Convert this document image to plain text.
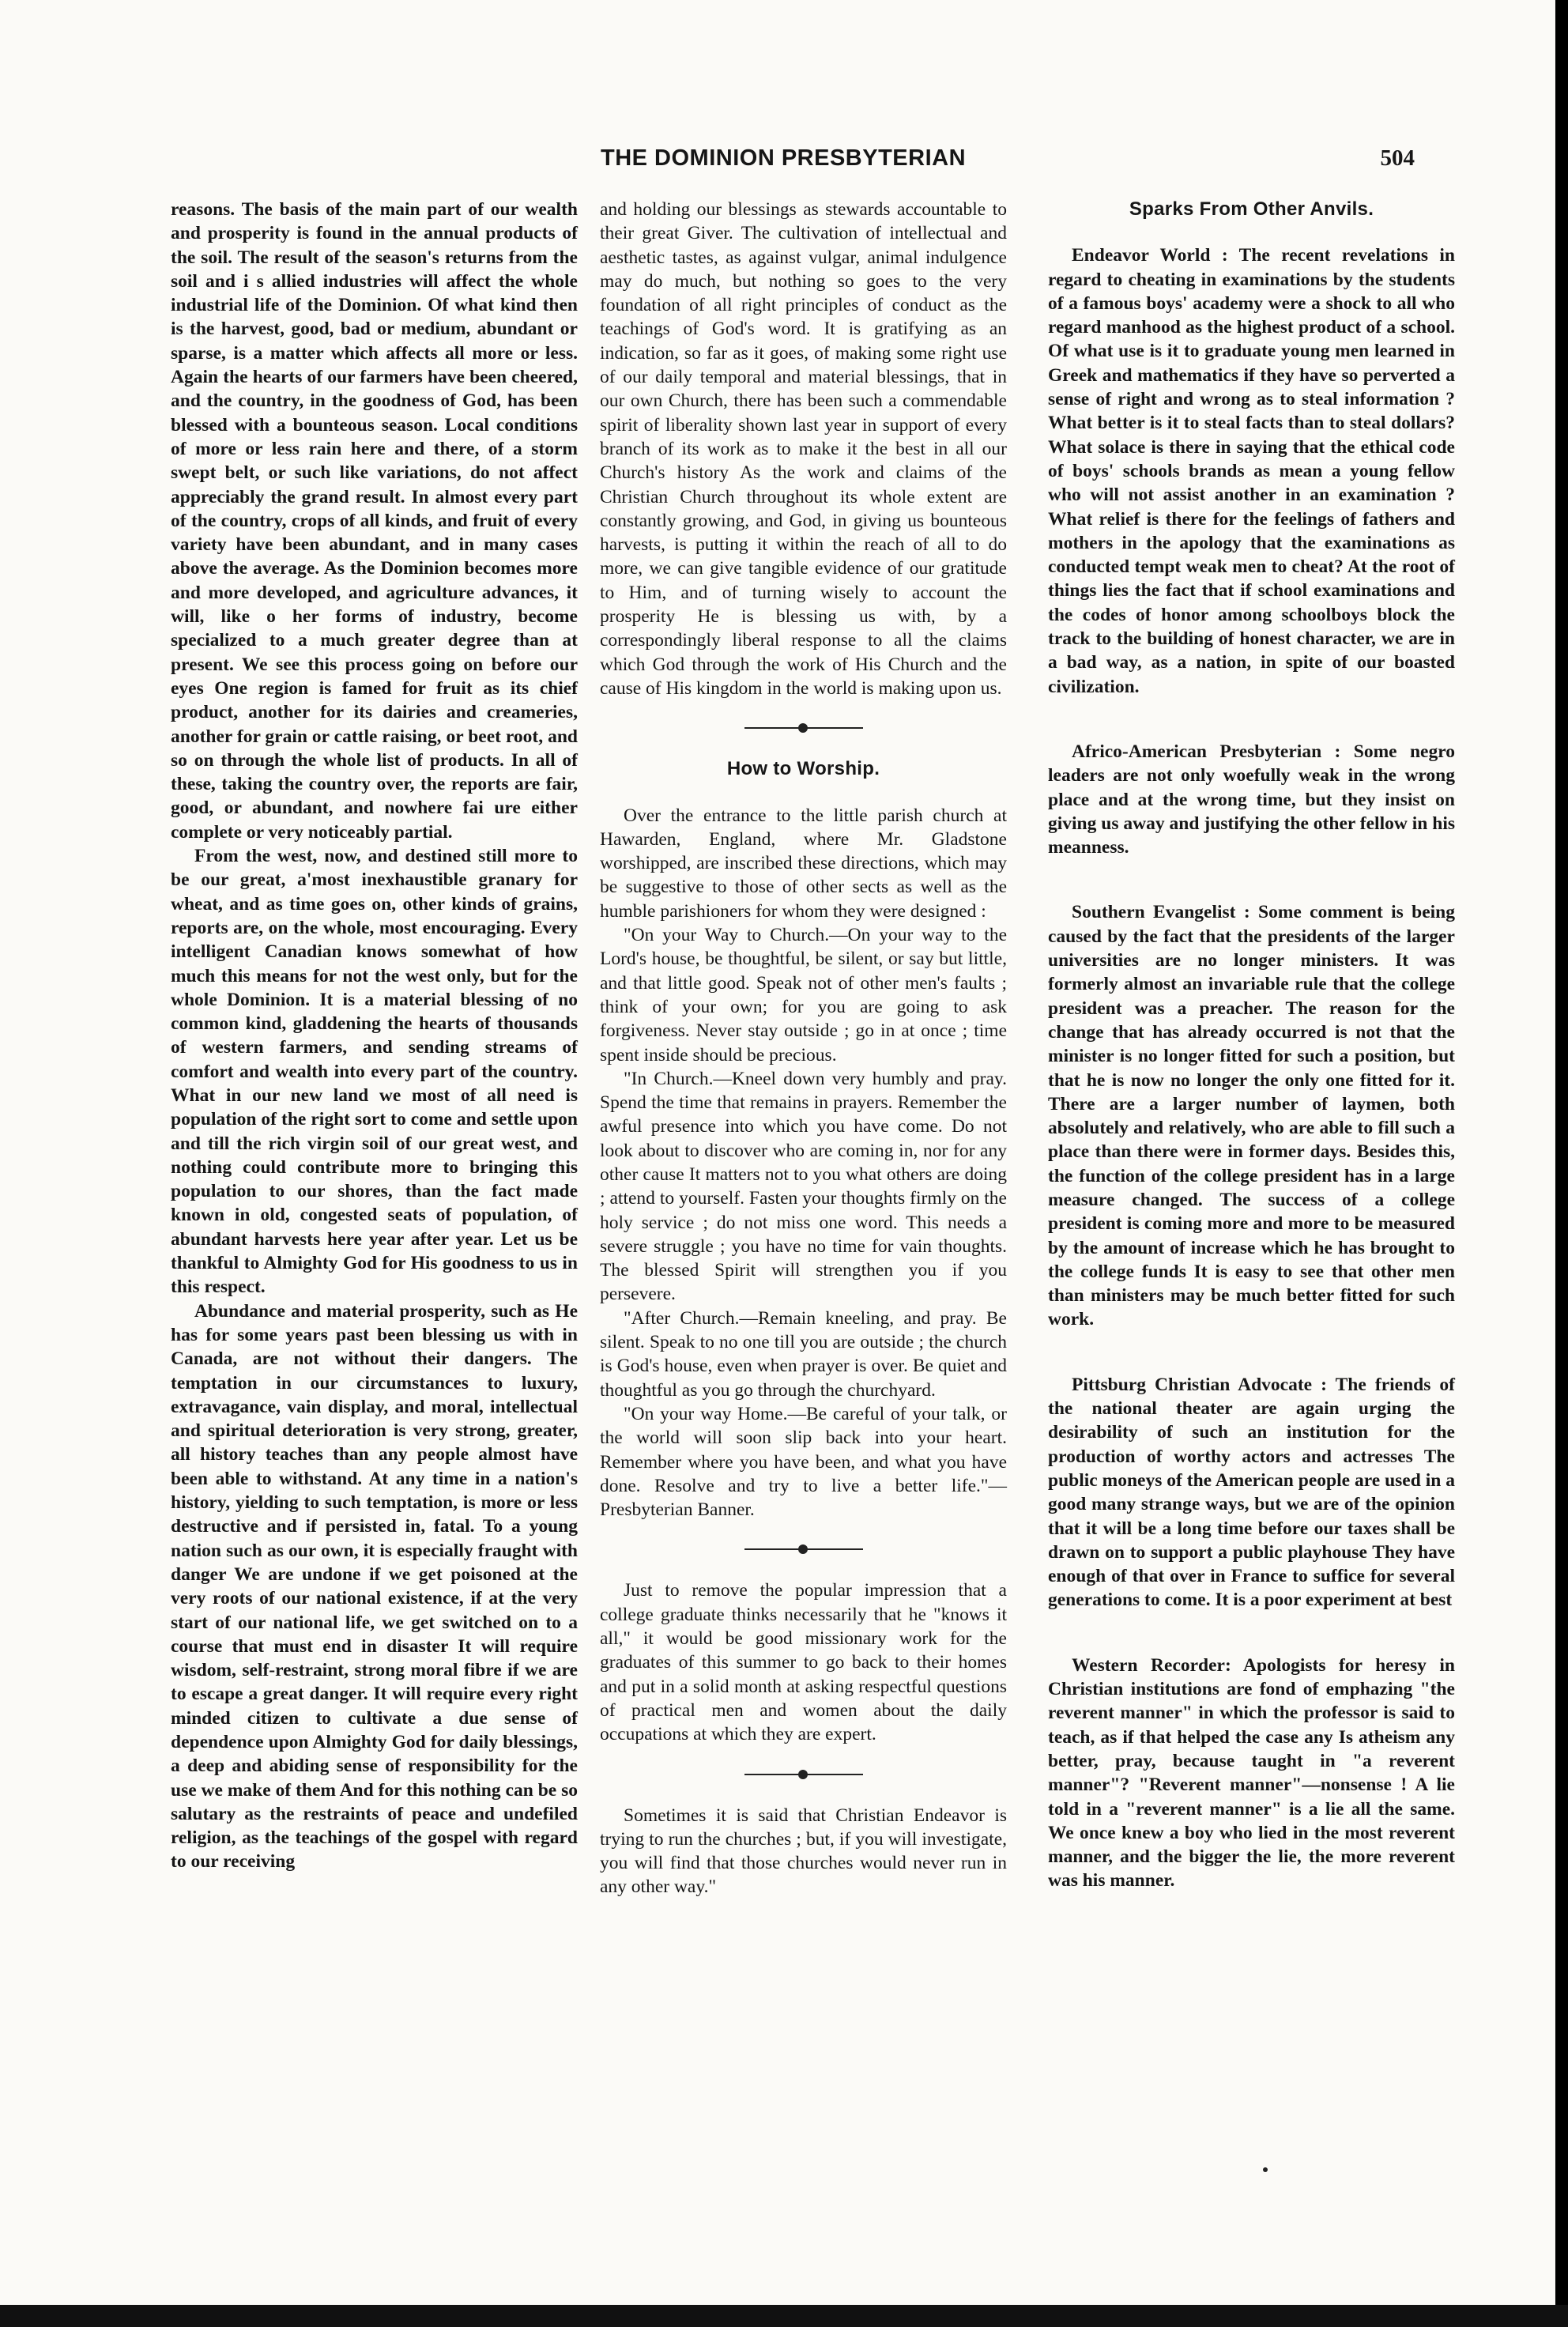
THE DOMINION PRESBYTERIAN	504

reasons. The basis of the main part of our wealth and prosperity is found in the annual products of the soil. The result of the season's returns from the soil and i s allied industries will affect the whole industrial life of the Dominion. Of what kind then is the harvest, good, bad or medium, abundant or sparse, is a matter which affects all more or less. Again the hearts of our farmers have been cheered, and the country, in the goodness of God, has been blessed with a bounteous season. Local conditions of more or less rain here and there, of a storm swept belt, or such like variations, do not affect appreciably the grand result. In almost every part of the country, crops of all kinds, and fruit of every variety have been abundant, and in many cases above the average. As the Dominion becomes more and more developed, and agriculture advances, it will, like o her forms of industry, become specialized to a much greater degree than at present. We see this process going on before our eyes One region is famed for fruit as its chief product, another for its dairies and creameries, another for grain or cattle raising, or beet root, and so on through the whole list of products. In all of these, taking the country over, the reports are fair, good, or abundant, and nowhere fai ure either complete or very noticeably partial.

From the west, now, and destined still more to be our great, a'most inexhaustible granary for wheat, and as time goes on, other kinds of grains, reports are, on the whole, most encouraging. Every intelligent Canadian knows somewhat of how much this means for not the west only, but for the whole Dominion. It is a material blessing of no common kind, gladdening the hearts of thousands of western farmers, and sending streams of comfort and wealth into every part of the country. What in our new land we most of all need is population of the right sort to come and settle upon and till the rich virgin soil of our great west, and nothing could contribute more to bringing this population to our shores, than the fact made known in old, congested seats of population, of abundant harvests here year after year. Let us be thankful to Almighty God for His goodness to us in this respect.

Abundance and material prosperity, such as He has for some years past been blessing us with in Canada, are not without their dangers. The temptation in our circumstances to luxury, extravagance, vain display, and moral, intellectual and spiritual deterioration is very strong, greater, all history teaches than any people almost have been able to withstand. At any time in a nation's history, yielding to such temptation, is more or less destructive and if persisted in, fatal. To a young nation such as our own, it is especially fraught with danger We are undone if we get poisoned at the very roots of our national existence, if at the very start of our national life, we get switched on to a course that must end in disaster It will require wisdom, self-restraint, strong moral fibre if we are to escape a great danger. It will require every right minded citizen to cultivate a due sense of dependence upon Almighty God for daily blessings, a deep and abiding sense of responsibility for the use we make of them And for this nothing can be so salutary as the restraints of peace and undefiled religion, as the teachings of the gospel with regard to our receiving

and holding our blessings as stewards accountable to their great Giver. The cultivation of intellectual and aesthetic tastes, as against vulgar, animal indulgence may do much, but nothing so goes to the very foundation of all right principles of conduct as the teachings of God's word. It is gratifying as an indication, so far as it goes, of making some right use of our daily temporal and material blessings, that in our own Church, there has been such a commendable spirit of liberality shown last year in support of every branch of its work as to make it the best in all our Church's history As the work and claims of the Christian Church throughout its whole extent are constantly growing, and God, in giving us bounteous harvests, is putting it within the reach of all to do more, we can give tangible evidence of our gratitude to Him, and of turning wisely to account the prosperity He is blessing us with, by a correspondingly liberal response to all the claims which God through the work of His Church and the cause of His kingdom in the world is making upon us.

How to Worship.

Over the entrance to the little parish church at Hawarden, England, where Mr. Gladstone worshipped, are inscribed these directions, which may be suggestive to those of other sects as well as the humble parishioners for whom they were designed :

"On your Way to Church.—On your way to the Lord's house, be thoughtful, be silent, or say but little, and that little good. Speak not of other men's faults ; think of your own; for you are going to ask forgiveness. Never stay outside ; go in at once ; time spent inside should be precious.

"In Church.—Kneel down very humbly and pray. Spend the time that remains in prayers. Remember the awful presence into which you have come. Do not look about to discover who are coming in, nor for any other cause It matters not to you what others are doing ; attend to yourself. Fasten your thoughts firmly on the holy service ; do not miss one word. This needs a severe struggle ; you have no time for vain thoughts. The blessed Spirit will strengthen you if you persevere.

"After Church.—Remain kneeling, and pray. Be silent. Speak to no one till you are outside ; the church is God's house, even when prayer is over. Be quiet and thoughtful as you go through the churchyard.

"On your way Home.—Be careful of your talk, or the world will soon slip back into your heart. Remember where you have been, and what you have done. Resolve and try to live a better life."—Presbyterian Banner.

Just to remove the popular impression that a college graduate thinks necessarily that he "knows it all," it would be good missionary work for the graduates of this summer to go back to their homes and put in a solid month at asking respectful questions of practical men and women about the daily occupations at which they are expert.

Sometimes it is said that Christian Endeavor is trying to run the churches ; but, if you will investigate, you will find that those churches would never run in any other way."

Sparks From Other Anvils.

Endeavor World : The recent revelations in regard to cheating in examinations by the students of a famous boys' academy were a shock to all who regard manhood as the highest product of a school. Of what use is it to graduate young men learned in Greek and mathematics if they have so perverted a sense of right and wrong as to steal information ? What better is it to steal facts than to steal dollars? What solace is there in saying that the ethical code of boys' schools brands as mean a young fellow who will not assist another in an examination ? What relief is there for the feelings of fathers and mothers in the apology that the examinations as conducted tempt weak men to cheat? At the root of things lies the fact that if school examinations and the codes of honor among schoolboys block the track to the building of honest character, we are in a bad way, as a nation, in spite of our boasted civilization.

Africo-American Presbyterian : Some negro leaders are not only woefully weak in the wrong place and at the wrong time, but they insist on giving us away and justifying the other fellow in his meanness.

Southern Evangelist : Some comment is being caused by the fact that the presidents of the larger universities are no longer ministers. It was formerly almost an invariable rule that the college president was a preacher. The reason for the change that has already occurred is not that the minister is no longer fitted for such a position, but that he is now no longer the only one fitted for it. There are a larger number of laymen, both absolutely and relatively, who are able to fill such a place than there were in former days. Besides this, the function of the college president has in a large measure changed. The success of a college president is coming more and more to be measured by the amount of increase which he has brought to the college funds It is easy to see that other men than ministers may be much better fitted for such work.

Pittsburg Christian Advocate : The friends of the national theater are again urging the desirability of such an institution for the production of worthy actors and actresses The public moneys of the American people are used in a good many strange ways, but we are of the opinion that it will be a long time before our taxes shall be drawn on to support a public playhouse They have enough of that over in France to suffice for several generations to come. It is a poor experiment at best

Western Recorder: Apologists for heresy in Christian institutions are fond of emphazing "the reverent manner" in which the professor is said to teach, as if that helped the case any Is atheism any better, pray, because taught in "a reverent manner"? "Reverent manner"—nonsense ! A lie told in a "reverent manner" is a lie all the same. We once knew a boy who lied in the most reverent manner, and the bigger the lie, the more reverent was his manner.
